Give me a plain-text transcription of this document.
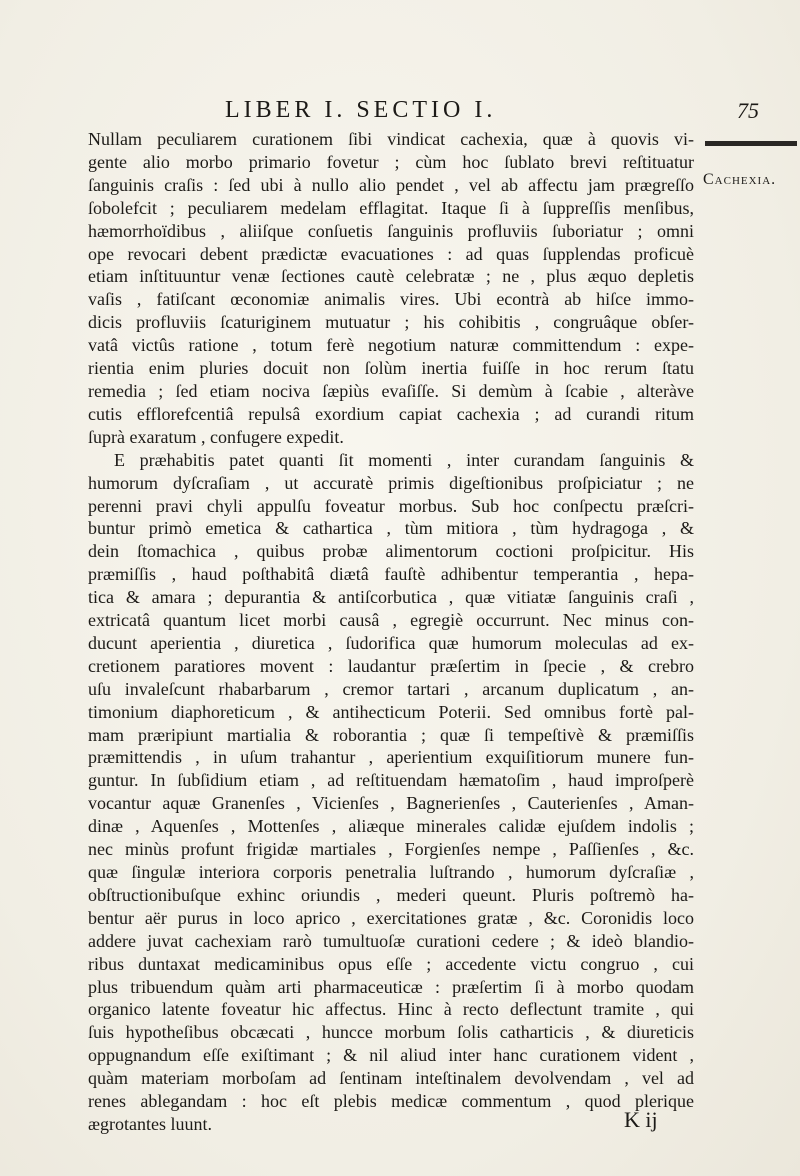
LIBER I. SECTIO I.	75
Cachexia.
Nullam peculiarem curationem ſibi vindicat cachexia, quæ à quovis vi-
gente alio morbo primario fovetur ; cùm hoc ſublato brevi reſtituatur
ſanguinis craſis : ſed ubi à nullo alio pendet , vel ab affectu jam prægreſſo
ſobolefcit ; peculiarem medelam efflagitat. Itaque ſi à ſuppreſſis menſibus,
hæmorrhoïdibus , aliiſque conſuetis ſanguinis profluviis ſuboriatur ; omni
ope revocari debent prædictæ evacuationes : ad quas ſupplendas proficuè
etiam inſtituuntur venæ ſectiones cautè celebratæ ; ne , plus æquo depletis
vaſis , fatiſcant œconomiæ animalis vires. Ubi econtrà ab hiſce immo-
dicis profluviis ſcaturiginem mutuatur ; his cohibitis , congruâque obſer-
vatâ victûs ratione , totum ferè negotium naturæ committendum : expe-
rientia enim pluries docuit non ſolùm inertia fuiſſe in hoc rerum ſtatu
remedia ; ſed etiam nociva ſæpiùs evaſiſſe. Si demùm à ſcabie , alteràve
cutis efflorefcentiâ repulsâ exordium capiat cachexia ; ad curandi ritum
ſuprà exaratum , confugere expedit.
E præhabitis patet quanti ſit momenti , inter curandam ſanguinis &
humorum dyſcraſiam , ut accuratè primis digeſtionibus proſpiciatur ; ne
perenni pravi chyli appulſu foveatur morbus. Sub hoc conſpectu præſcri-
buntur primò emetica & cathartica , tùm mitiora , tùm hydragoga , &
dein ſtomachica , quibus probæ alimentorum coctioni proſpicitur. His
præmiſſis , haud poſthabitâ diætâ fauſtè adhibentur temperantia , hepa-
tica & amara ; depurantia & antiſcorbutica , quæ vitiatæ ſanguinis craſi ,
extricatâ quantum licet morbi causâ , egregiè occurrunt. Nec minus con-
ducunt aperientia , diuretica , ſudorifica quæ humorum moleculas ad ex-
cretionem paratiores movent : laudantur præſertim in ſpecie , & crebro
uſu invaleſcunt rhabarbarum , cremor tartari , arcanum duplicatum , an-
timonium diaphoreticum , & antihecticum Poterii. Sed omnibus fortè pal-
mam præripiunt martialia & roborantia ; quæ ſi tempeſtivè & præmiſſis
præmittendis , in uſum trahantur , aperientium exquiſitiorum munere fun-
guntur. In ſubſidium etiam , ad reſtituendam hæmatoſim , haud improſperè
vocantur aquæ Granenſes , Vicienſes , Bagnerienſes , Cauterienſes , Aman-
dinæ , Aquenſes , Mottenſes , aliæque minerales calidæ ejuſdem indolis ;
nec minùs profunt frigidæ martiales , Forgienſes nempe , Paſſienſes , &c.
quæ ſingulæ interiora corporis penetralia luſtrando , humorum dyſcraſiæ ,
obſtructionibuſque exhinc oriundis , mederi queunt. Pluris poſtremò ha-
bentur aër purus in loco aprico , exercitationes gratæ , &c. Coronidis loco
addere juvat cachexiam rarò tumultuoſæ curationi cedere ; & ideò blandio-
ribus duntaxat medicaminibus opus eſſe ; accedente victu congruo , cui
plus tribuendum quàm arti pharmaceuticæ : præſertim ſi à morbo quodam
organico latente foveatur hic affectus. Hinc à recto deflectunt tramite , qui
ſuis hypotheſibus obcæcati , huncce morbum ſolis catharticis , & diureticis
oppugnandum eſſe exiſtimant ; & nil aliud inter hanc curationem vident ,
quàm materiam morboſam ad ſentinam inteſtinalem devolvendam , vel ad
renes ablegandam : hoc eſt plebis medicæ commentum , quod plerique
ægrotantes luunt.	K ij
